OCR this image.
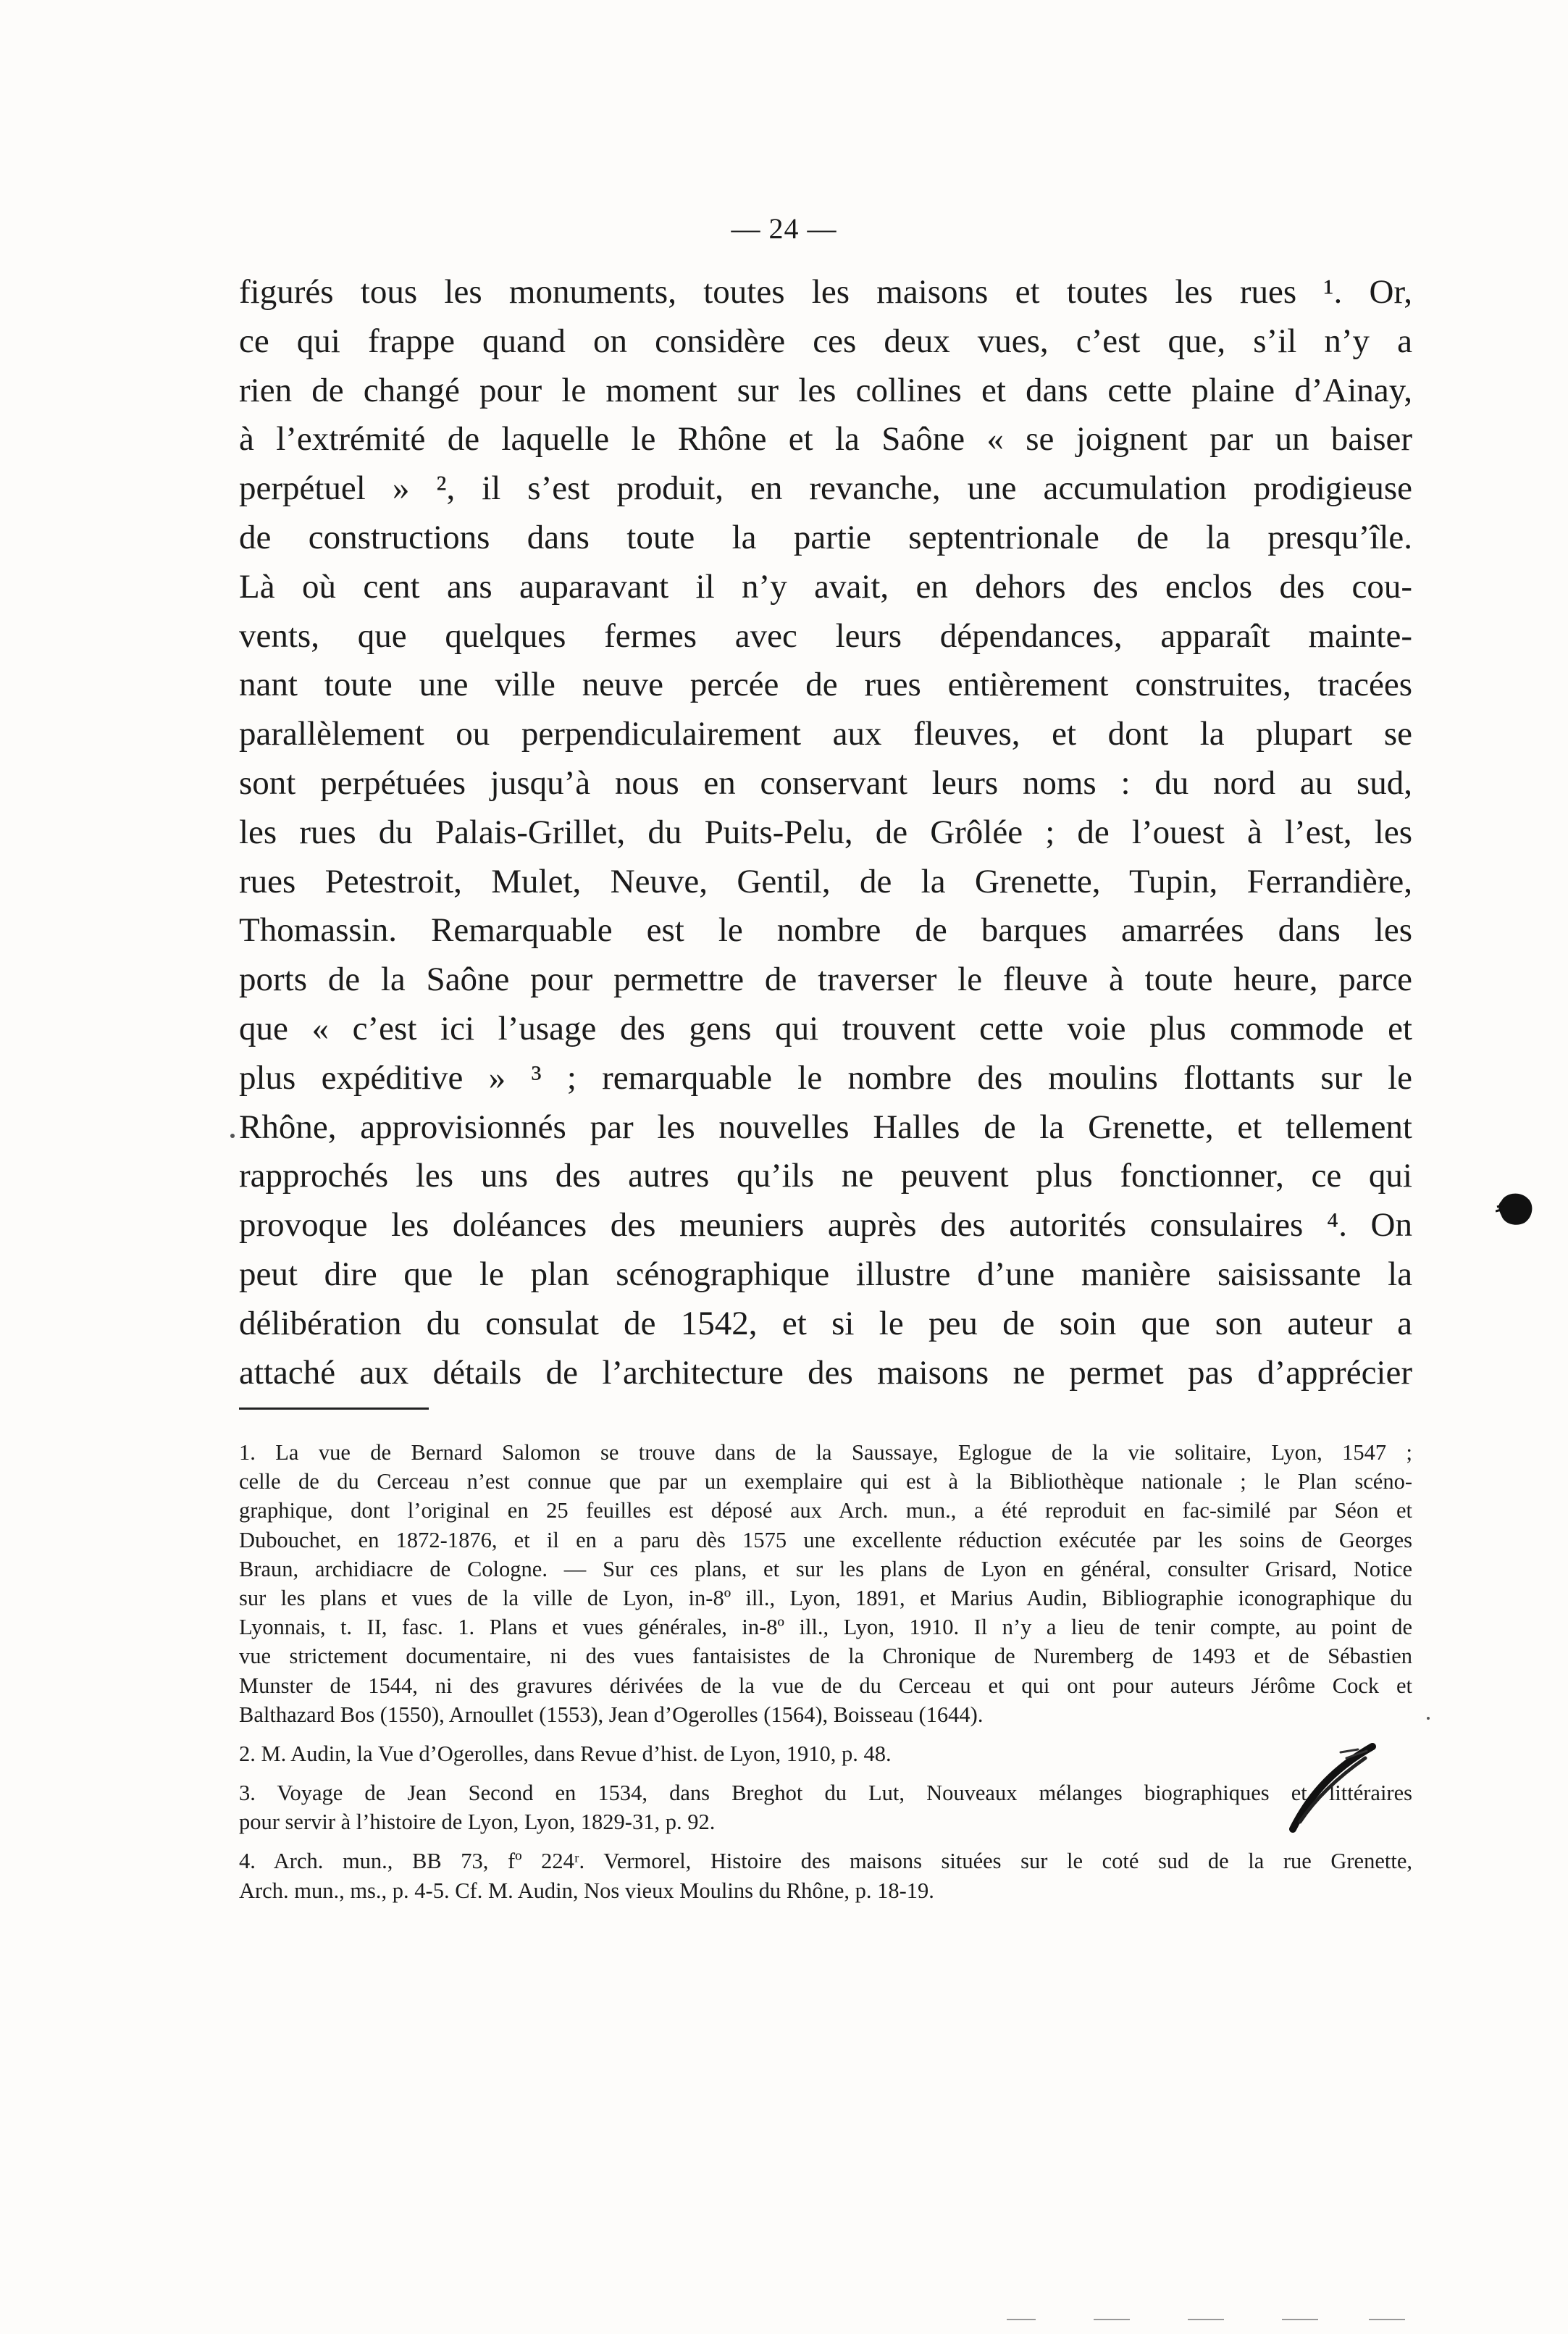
— 24 —
figurés tous les monuments, toutes les maisons et toutes les rues ¹. Or,
ce qui frappe quand on considère ces deux vues, c’est que, s’il n’y a
rien de changé pour le moment sur les collines et dans cette plaine d’Ainay,
à l’extrémité de laquelle le Rhône et la Saône « se joignent par un baiser
perpétuel » ², il s’est produit, en revanche, une accumulation prodigieuse
de constructions dans toute la partie septentrionale de la presqu’île.
Là où cent ans auparavant il n’y avait, en dehors des enclos des cou-
vents, que quelques fermes avec leurs dépendances, apparaît mainte-
nant toute une ville neuve percée de rues entièrement construites, tracées
parallèlement ou perpendiculairement aux fleuves, et dont la plupart se
sont perpétuées jusqu’à nous en conservant leurs noms : du nord au sud,
les rues du Palais-Grillet, du Puits-Pelu, de Grôlée ; de l’ouest à l’est, les
rues Petestroit, Mulet, Neuve, Gentil, de la Grenette, Tupin, Ferrandière,
Thomassin. Remarquable est le nombre de barques amarrées dans les
ports de la Saône pour permettre de traverser le fleuve à toute heure, parce
que « c’est ici l’usage des gens qui trouvent cette voie plus commode et
plus expéditive » ³ ; remarquable le nombre des moulins flottants sur le
Rhône, approvisionnés par les nouvelles Halles de la Grenette, et tellement
rapprochés les uns des autres qu’ils ne peuvent plus fonctionner, ce qui
provoque les doléances des meuniers auprès des autorités consulaires ⁴. On
peut dire que le plan scénographique illustre d’une manière saisissante la
délibération du consulat de 1542, et si le peu de soin que son auteur a
attaché aux détails de l’architecture des maisons ne permet pas d’apprécier
1. La vue de Bernard Salomon se trouve dans de la Saussaye, Eglogue de la vie solitaire, Lyon, 1547 ;
celle de du Cerceau n’est connue que par un exemplaire qui est à la Bibliothèque nationale ; le Plan scéno-
graphique, dont l’original en 25 feuilles est déposé aux Arch. mun., a été reproduit en fac-similé par Séon et
Dubouchet, en 1872-1876, et il en a paru dès 1575 une excellente réduction exécutée par les soins de Georges
Braun, archidiacre de Cologne. — Sur ces plans, et sur les plans de Lyon en général, consulter Grisard, Notice
sur les plans et vues de la ville de Lyon, in-8º ill., Lyon, 1891, et Marius Audin, Bibliographie iconographique du
Lyonnais, t. II, fasc. 1. Plans et vues générales, in-8º ill., Lyon, 1910. Il n’y a lieu de tenir compte, au point de
vue strictement documentaire, ni des vues fantaisistes de la Chronique de Nuremberg de 1493 et de Sébastien
Munster de 1544, ni des gravures dérivées de la vue de du Cerceau et qui ont pour auteurs Jérôme Cock et
Balthazard Bos (1550), Arnoullet (1553), Jean d’Ogerolles (1564), Boisseau (1644).
2. M. Audin, la Vue d’Ogerolles, dans Revue d’hist. de Lyon, 1910, p. 48.
3. Voyage de Jean Second en 1534, dans Breghot du Lut, Nouveaux mélanges biographiques et littéraires
pour servir à l’histoire de Lyon, Lyon, 1829-31, p. 92.
4. Arch. mun., BB 73, fº 224ʳ. Vermorel, Histoire des maisons situées sur le coté sud de la rue Grenette,
Arch. mun., ms., p. 4-5. Cf. M. Audin, Nos vieux Moulins du Rhône, p. 18-19.
